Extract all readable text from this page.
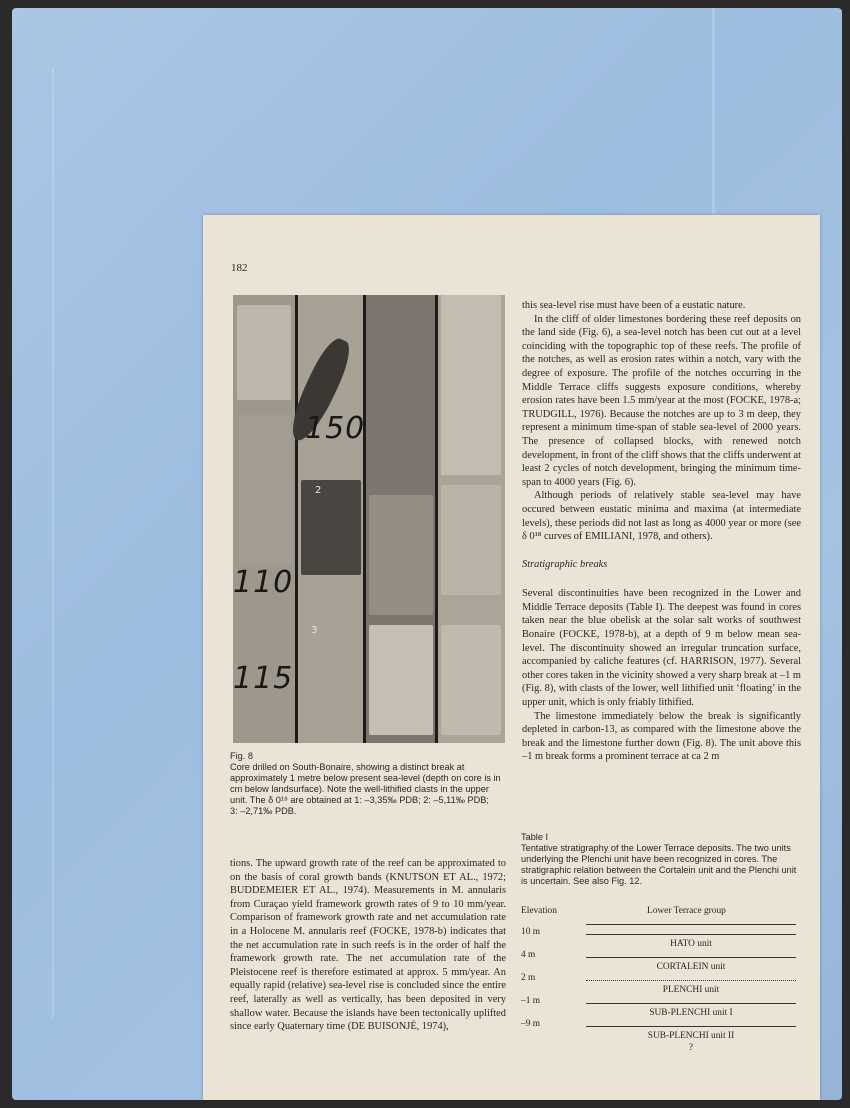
182
150
110
115
2
3

Fig. 8

Core drilled on South-Bonaire, showing a distinct break at

approximately 1 metre below present sea-level (depth on core is in

cm below landsurface). Note the well-lithified clasts in the upper

unit. The δ 0¹⁸ are obtained at 1: –3,35‰ PDB; 2: –5,11‰ PDB;

3: –2,71‰ PDB.

this sea-level rise must have been of a eustatic nature.

In the cliff of older limestones bordering these reef deposits on the land side (Fig. 6), a sea-level notch has been cut out at a level coinciding with the topographic top of these reefs. The profile of the notches, as well as erosion rates within a notch, vary with the degree of exposure. The profile of the notches occurring in the Middle Terrace cliffs suggests exposure conditions, whereby erosion rates have been 1.5 mm/year at the most (FOCKE, 1978-a; TRUDGILL, 1976). Because the notches are up to 3 m deep, they represent a minimum time-span of stable sea-level of 2000 years. The presence of collapsed blocks, with renewed notch development, in front of the cliff shows that the cliffs underwent at least 2 cycles of notch development, bringing the minimum time-span to 4000 years (Fig. 6).

Although periods of relatively stable sea-level may have occured between eustatic minima and maxima (at intermediate levels), these periods did not last as long as 4000 year or more (see δ 0¹⁸ curves of EMILIANI, 1978, and others).

Stratigraphic breaks

Several discontinuities have been recognized in the Lower and Middle Terrace deposits (Table I). The deepest was found in cores taken near the blue obelisk at the solar salt works of southwest Bonaire (FOCKE, 1978-b), at a depth of 9 m below mean sea-level. The discontinuity showed an irregular truncation surface, accompanied by caliche features (cf. HARRISON, 1977). Several other cores taken in the vicinity showed a very sharp break at –1 m (Fig. 8), with clasts of the lower, well lithified unit ‘floating’ in the upper unit, which is only friably lithified.

The limestone immediately below the break is significantly depleted in carbon-13, as compared with the limestone above the break and the limestone further down (Fig. 8). The unit above this –1 m break forms a prominent terrace at ca 2 m

tions. The upward growth rate of the reef can be approximated to on the basis of coral growth bands (KNUTSON ET AL., 1972; BUDDEMEIER ET AL., 1974). Measurements in M. annularis from Curaçao yield framework growth rates of 9 to 10 mm/year. Comparison of framework growth rate and net accumulation rate in a Holocene M. annularis reef (FOCKE, 1978-b) indicates that the net accumulation rate in such reefs is in the order of half the framework growth rate. The net accumulation rate of the Pleistocene reef is therefore estimated at approx. 5 mm/year. An equally rapid (relative) sea-level rise is concluded since the entire reef, laterally as well as vertically, has been deposited in very shallow water. Because the islands have been tectonically uplifted since early Quaternary time (DE BUISONJÉ, 1974),

Table I

Tentative stratigraphy of the Lower Terrace deposits. The two units underlying the Plenchi unit have been recognized in cores. The stratigraphic relation between the Cortalein unit and the Plenchi unit is uncertain. See also Fig. 12.

Elevation	Lower Terrace group
10 m
HATO unit
4 m
CORTALEIN unit
2 m
PLENCHI unit
–1 m
SUB-PLENCHI unit I
–9 m
SUB-PLENCHI unit II
?
